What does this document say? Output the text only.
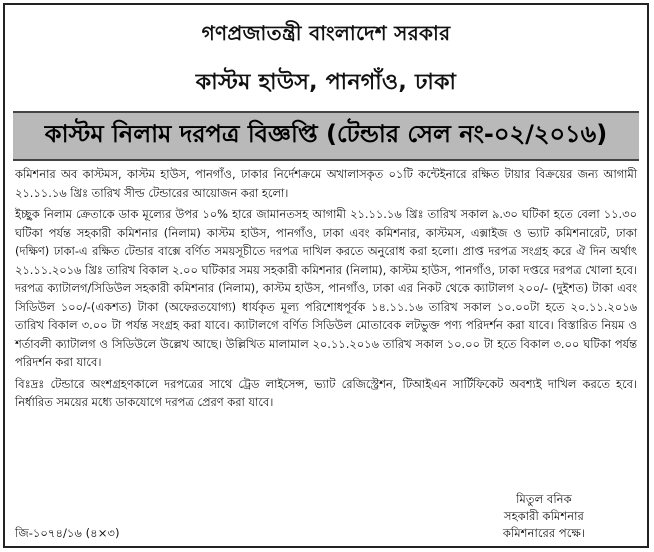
গণপ্রজাতন্ত্রী বাংলাদেশ সরকার
কাস্টম হাউস, পানগাঁও, ঢাকা
কাস্টম নিলাম দরপত্র বিজ্ঞপ্তি (টেন্ডার সেল নং-০২/২০১৬)

কমিশনার অব কাস্টমস, কাস্টম হাউস, পানগাঁও, ঢাকার নির্দেশক্রমে অখালাসকৃত ০১টি কন্টেইনারে রক্ষিত টায়ার বিক্রয়ের জন্য আগামী ২১.১১.১৬ খ্রিঃ তারিখ সীল্ড টেন্ডারের আয়োজন করা হলো।

ইচ্ছুক নিলাম ক্রেতাকে ডাক মূল্যের উপর ১০% হারে জামানতসহ আগামী ২১.১১.১৬ খ্রিঃ তারিখ সকাল ৯.৩০ ঘটিকা হতে বেলা ১১.৩০ ঘটিকা পর্যন্ত সহকারী কমিশনার (নিলাম) কাস্টম হাউস, পানগাঁও, ঢাকা এবং কমিশনার, কাস্টমস, এক্সাইজ ও ভ্যাট কমিশনারেট, ঢাকা (দক্ষিণ) ঢাকা-এ রক্ষিত টেন্ডার বাক্সে বর্ণিত সময়সূচীতে দরপত্র দাখিল করতে অনুরোধ করা হলো। প্রাপ্ত দরপত্র সংগ্রহ করে ঐ দিন অর্থাৎ ২১.১১.২০১৬ খ্রিঃ তারিখ বিকাল ২.০০ ঘটিকার সময় সহকারী কমিশনার (নিলাম), কাস্টম হাউস, পানগাঁও, ঢাকা দপ্তরে দরপত্র খোলা হবে। দরপত্র ক্যাটালগ/সিডিউল সহকারী কমিশনার (নিলাম), কাস্টম হাউস, পানগাঁও, ঢাকা এর নিকট থেকে ক্যাটালগ ২০০/- (দুইশত) টাকা এবং সিডিউল ১০০/-(একশত) টাকা (অফেরতযোগ্য) ধার্যকৃত মূল্য পরিশোধপূর্বক ১৪.১১.১৬ তারিখ সকাল ১০.০০টা হতে ২০.১১.২০১৬ তারিখ বিকাল ৩.০০ টা পর্যন্ত সংগ্রহ করা যাবে। ক্যাটালগে বর্ণিত সিডিউল মোতাবেক লটভুক্ত পণ্য পরিদর্শন করা যাবে। বিস্তারিত নিয়ম ও শর্তাবলী ক্যাটালগ ও সিডিউলে উল্লেখ আছে। উল্লিখিত মালামাল ২০.১১.২০১৬ তারিখ সকাল ১০.০০ টা হতে বিকাল ৩.০০ ঘটিকা পর্যন্ত পরিদর্শন করা যাবে।

বিঃদ্রঃ টেন্ডারে অংশগ্রহণকালে দরপত্রের সাথে ট্রেড লাইসেন্স, ভ্যাট রেজিস্ট্রেশন, টিআইএন সার্টিফিকেট অবশ্যই দাখিল করতে হবে। নির্ধারিত সময়ের মধ্যে ডাকযোগে দরপত্র প্রেরণ করা যাবে।

মিতুল বনিক
সহকারী কমিশনার
কমিশনারের পক্ষে।
জি-১০৭৪/১৬ (৪×৩)
